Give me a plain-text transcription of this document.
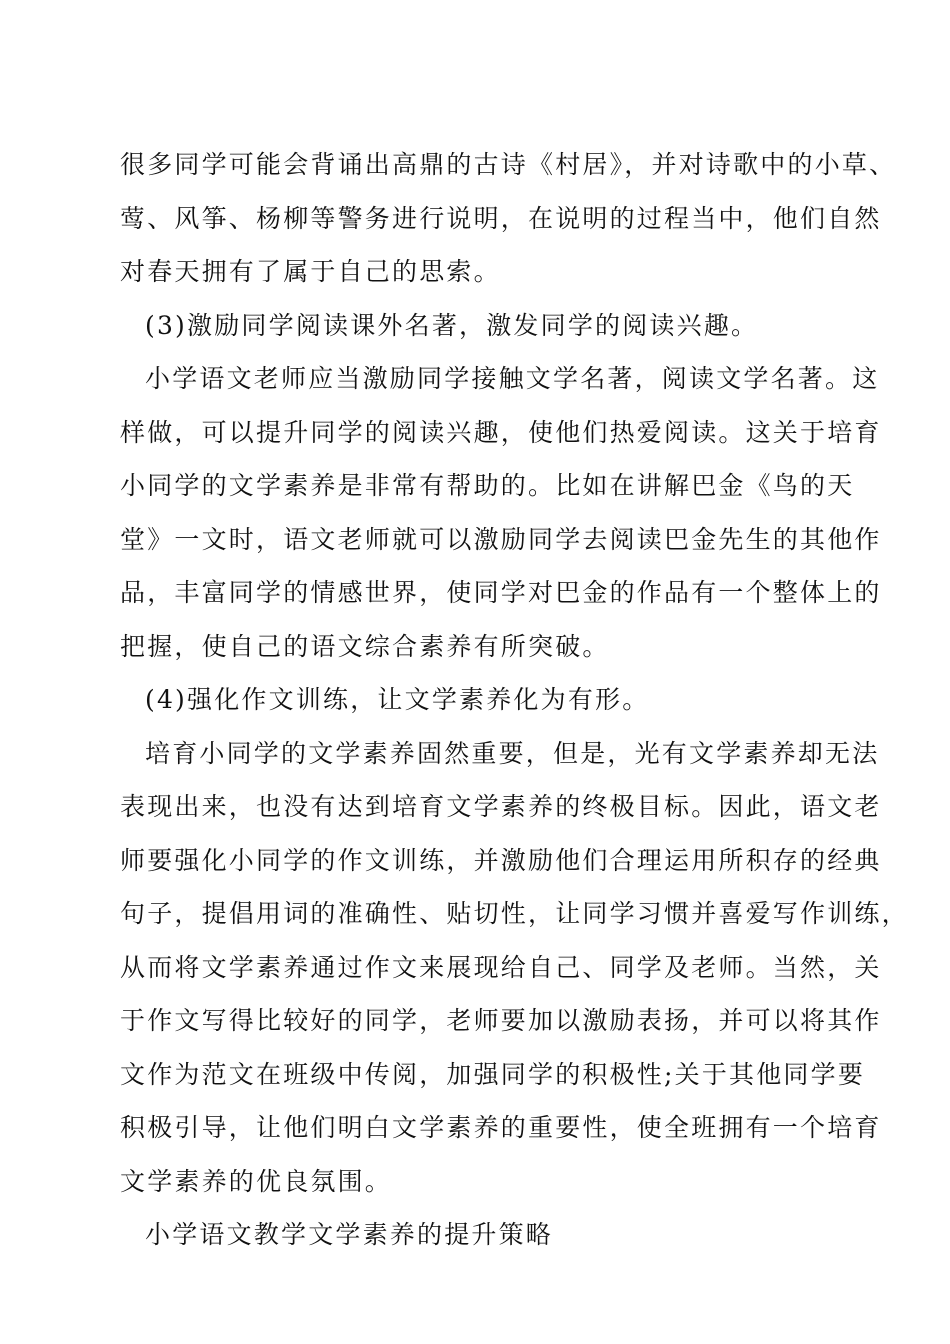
很多同学可能会背诵出高鼎的古诗《村居》，并对诗歌中的小草、
莺、风筝、杨柳等警务进行说明，在说明的过程当中，他们自然
对春天拥有了属于自己的思索。
(3)激励同学阅读课外名著，激发同学的阅读兴趣。
小学语文老师应当激励同学接触文学名著，阅读文学名著。这
样做，可以提升同学的阅读兴趣，使他们热爱阅读。这关于培育
小同学的文学素养是非常有帮助的。比如在讲解巴金《鸟的天
堂》一文时，语文老师就可以激励同学去阅读巴金先生的其他作
品，丰富同学的情感世界，使同学对巴金的作品有一个整体上的
把握，使自己的语文综合素养有所突破。
(4)强化作文训练，让文学素养化为有形。
培育小同学的文学素养固然重要，但是，光有文学素养却无法
表现出来，也没有达到培育文学素养的终极目标。因此，语文老
师要强化小同学的作文训练，并激励他们合理运用所积存的经典
句子，提倡用词的准确性、贴切性，让同学习惯并喜爱写作训练，
从而将文学素养通过作文来展现给自己、同学及老师。当然，关
于作文写得比较好的同学，老师要加以激励表扬，并可以将其作
文作为范文在班级中传阅，加强同学的积极性;关于其他同学要
积极引导，让他们明白文学素养的重要性，使全班拥有一个培育
文学素养的优良氛围。
小学语文教学文学素养的提升策略
